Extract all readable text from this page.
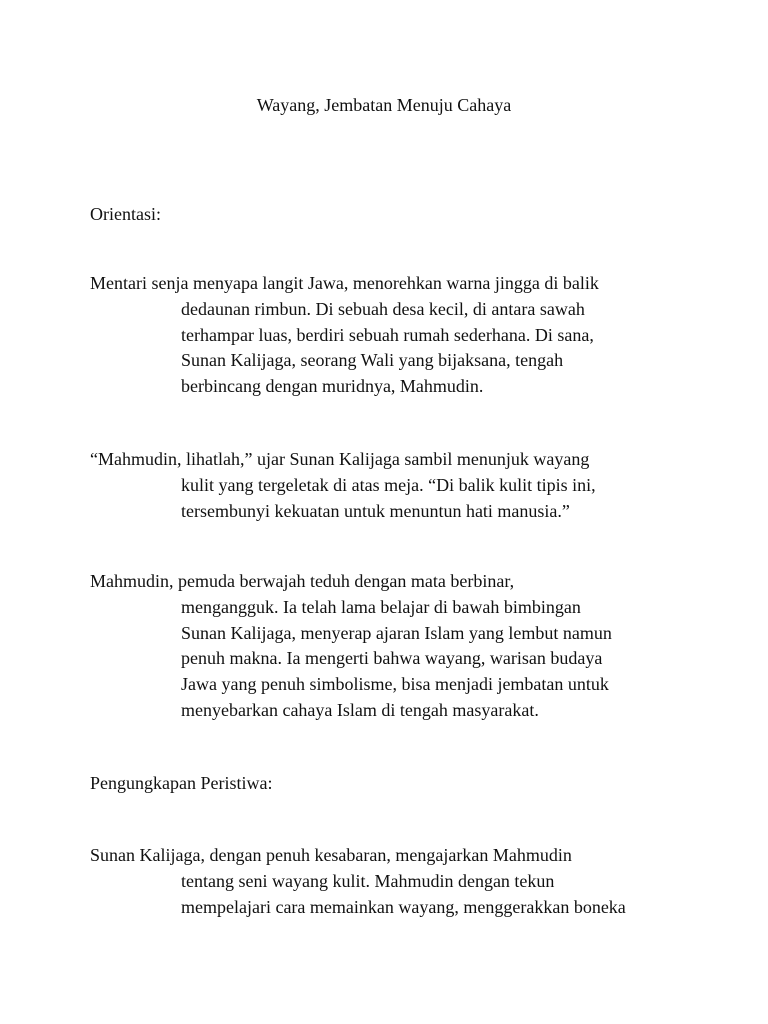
Wayang, Jembatan Menuju Cahaya
Orientasi:
Mentari senja menyapa langit Jawa, menorehkan warna jingga di balik
dedaunan rimbun. Di sebuah desa kecil, di antara sawah
terhampar luas, berdiri sebuah rumah sederhana. Di sana,
Sunan Kalijaga, seorang Wali yang bijaksana, tengah
berbincang dengan muridnya, Mahmudin.
“Mahmudin, lihatlah,” ujar Sunan Kalijaga sambil menunjuk wayang
kulit yang tergeletak di atas meja. “Di balik kulit tipis ini,
tersembunyi kekuatan untuk menuntun hati manusia.”
Mahmudin, pemuda berwajah teduh dengan mata berbinar,
mengangguk. Ia telah lama belajar di bawah bimbingan
Sunan Kalijaga, menyerap ajaran Islam yang lembut namun
penuh makna. Ia mengerti bahwa wayang, warisan budaya
Jawa yang penuh simbolisme, bisa menjadi jembatan untuk
menyebarkan cahaya Islam di tengah masyarakat.
Pengungkapan Peristiwa:
Sunan Kalijaga, dengan penuh kesabaran, mengajarkan Mahmudin
tentang seni wayang kulit. Mahmudin dengan tekun
mempelajari cara memainkan wayang, menggerakkan boneka
